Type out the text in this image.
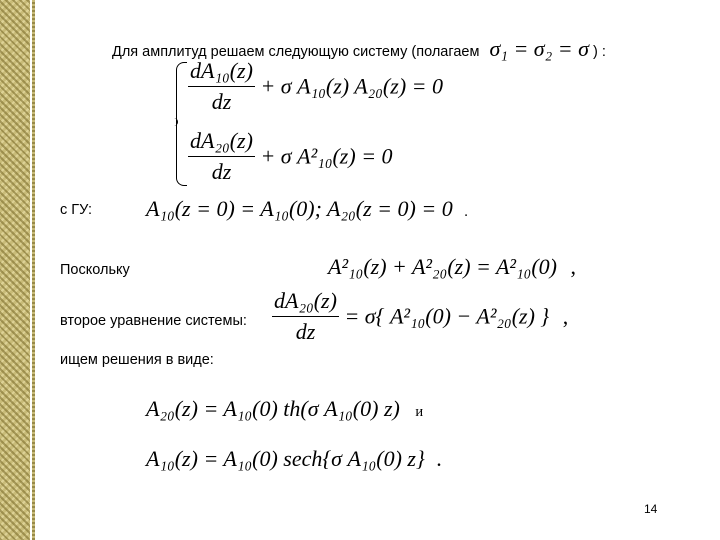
Для амплитуд решаем следующую систему (полагаем σ₁ = σ₂ = σ ) :
$\frac{\text{dA₁₀(z)}}{dz} + \sigma$ A₁₀(z) A₂₀(z) = 0
$\frac{\text{dA₂₀(z)}}{dz} + \sigma$ A²₁₀(z) = 0
с ГУ: A₁₀(z = 0) = A₁₀(0); A₂₀(z = 0) = 0 .
Поскольку	A²₁₀(z) + A²₂₀(z) = A²₁₀(0) ,
второе уравнение системы: $\frac{\text{dA₂₀(z)}}{dz} = \sigma${ A²₁₀(0) − A²₂₀(z) } ,
ищем решения в виде:
A₂₀(z) = A₁₀(0) th(σ A₁₀(0) z) и
A₁₀(z) = A₁₀(0) sech{σ A₁₀(0) z} .
14
